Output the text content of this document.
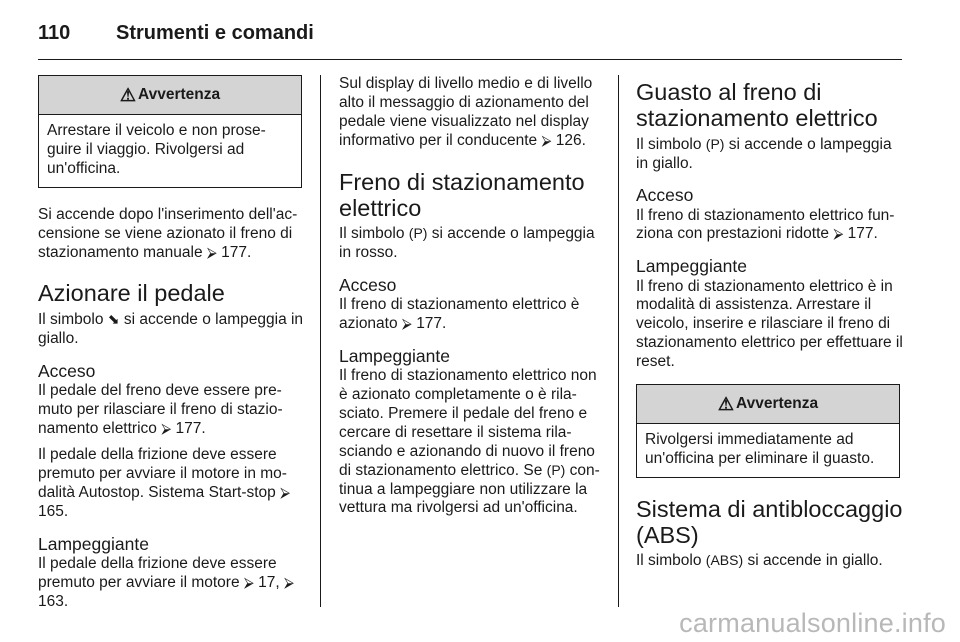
110 Strumenti e comandi
⚠ Avvertenza
Arrestare il veicolo e non prose-guire il viaggio. Rivolgersi ad un'officina.

Si accende dopo l'inserimento dell'ac-censione se viene azionato il freno di stazionamento manuale ⮚ 177.

Azionare il pedale

Il simbolo ⬊ si accende o lampeggia in giallo.

Acceso

Il pedale del freno deve essere pre-muto per rilasciare il freno di stazio-namento elettrico ⮚ 177.

Il pedale della frizione deve essere premuto per avviare il motore in mo-dalità Autostop. Sistema Start-stop ⮚ 165.

Lampeggiante

Il pedale della frizione deve essere premuto per avviare il motore ⮚ 17, ⮚ 163.

Sul display di livello medio e di livello alto il messaggio di azionamento del pedale viene visualizzato nel display informativo per il conducente ⮚ 126.

Freno di stazionamento elettrico

Il simbolo (P) si accende o lampeggia in rosso.

Acceso

Il freno di stazionamento elettrico è azionato ⮚ 177.

Lampeggiante

Il freno di stazionamento elettrico non è azionato completamente o è rila-sciato. Premere il pedale del freno e cercare di resettare il sistema rila-sciando e azionando di nuovo il freno di stazionamento elettrico. Se (P) con-tinua a lampeggiare non utilizzare la vettura ma rivolgersi ad un'officina.

Guasto al freno di stazionamento elettrico

Il simbolo (P) si accende o lampeggia in giallo.

Acceso

Il freno di stazionamento elettrico fun-ziona con prestazioni ridotte ⮚ 177.

Lampeggiante

Il freno di stazionamento elettrico è in modalità di assistenza. Arrestare il veicolo, inserire e rilasciare il freno di stazionamento elettrico per effettuare il reset.

⚠ Avvertenza
Rivolgersi immediatamente ad un'officina per eliminare il guasto.
Sistema di antibloccaggio (ABS)

Il simbolo (ABS) si accende in giallo.

carmanualsonline.info
